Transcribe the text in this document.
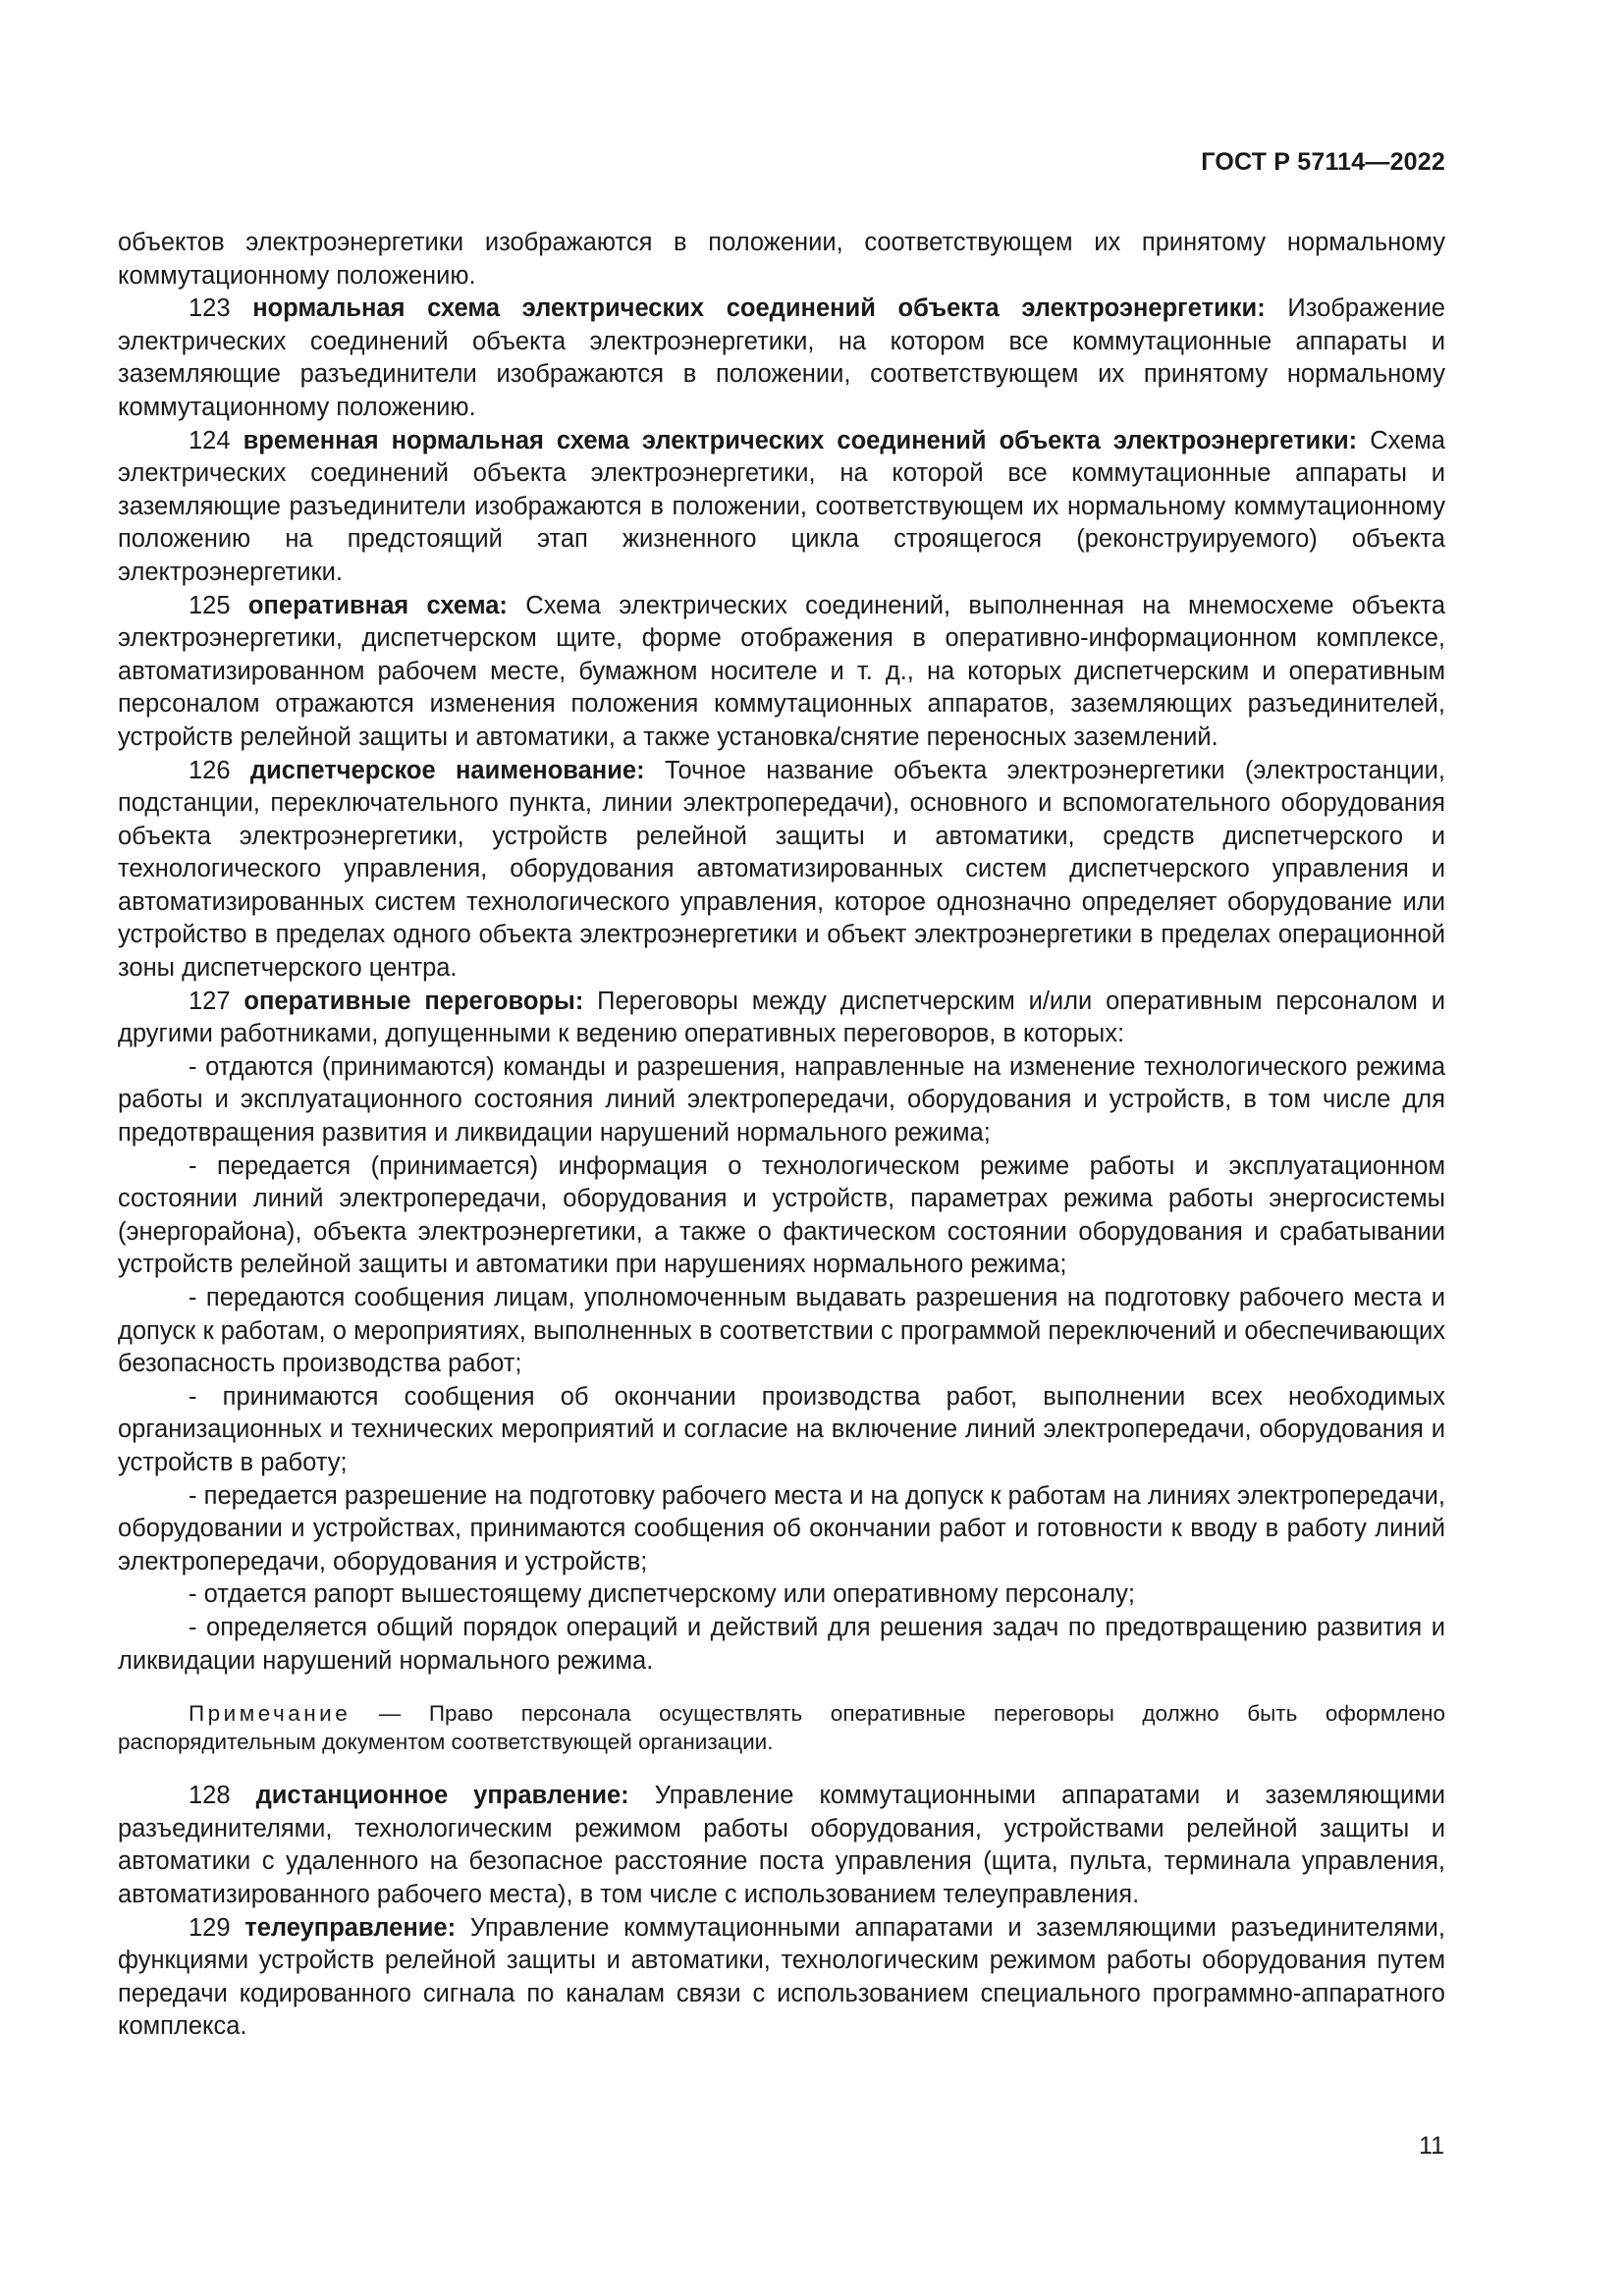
ГОСТ Р 57114—2022

объектов электроэнергетики изображаются в положении, соответствующем их принятому нормальному коммутационному положению.

123 нормальная схема электрических соединений объекта электроэнергетики: Изображение электрических соединений объекта электроэнергетики, на котором все коммутационные аппараты и заземляющие разъединители изображаются в положении, соответствующем их принятому нормальному коммутационному положению.

124 временная нормальная схема электрических соединений объекта электроэнергетики: Схема электрических соединений объекта электроэнергетики, на которой все коммутационные аппараты и заземляющие разъединители изображаются в положении, соответствующем их нормальному коммутационному положению на предстоящий этап жизненного цикла строящегося (реконструируемого) объекта электроэнергетики.

125 оперативная схема: Схема электрических соединений, выполненная на мнемосхеме объекта электроэнергетики, диспетчерском щите, форме отображения в оперативно-информационном комплексе, автоматизированном рабочем месте, бумажном носителе и т. д., на которых диспетчерским и оперативным персоналом отражаются изменения положения коммутационных аппаратов, заземляющих разъединителей, устройств релейной защиты и автоматики, а также установка/снятие переносных заземлений.

126 диспетчерское наименование: Точное название объекта электроэнергетики (электростанции, подстанции, переключательного пункта, линии электропередачи), основного и вспомогательного оборудования объекта электроэнергетики, устройств релейной защиты и автоматики, средств диспетчерского и технологического управления, оборудования автоматизированных систем диспетчерского управления и автоматизированных систем технологического управления, которое однозначно определяет оборудование или устройство в пределах одного объекта электроэнергетики и объект электроэнергетики в пределах операционной зоны диспетчерского центра.

127 оперативные переговоры: Переговоры между диспетчерским и/или оперативным персоналом и другими работниками, допущенными к ведению оперативных переговоров, в которых:

- отдаются (принимаются) команды и разрешения, направленные на изменение технологического режима работы и эксплуатационного состояния линий электропередачи, оборудования и устройств, в том числе для предотвращения развития и ликвидации нарушений нормального режима;

- передается (принимается) информация о технологическом режиме работы и эксплуатационном состоянии линий электропередачи, оборудования и устройств, параметрах режима работы энергосистемы (энергорайона), объекта электроэнергетики, а также о фактическом состоянии оборудования и срабатывании устройств релейной защиты и автоматики при нарушениях нормального режима;

- передаются сообщения лицам, уполномоченным выдавать разрешения на подготовку рабочего места и допуск к работам, о мероприятиях, выполненных в соответствии с программой переключений и обеспечивающих безопасность производства работ;

- принимаются сообщения об окончании производства работ, выполнении всех необходимых организационных и технических мероприятий и согласие на включение линий электропередачи, оборудования и устройств в работу;

- передается разрешение на подготовку рабочего места и на допуск к работам на линиях электропередачи, оборудовании и устройствах, принимаются сообщения об окончании работ и готовности к вводу в работу линий электропередачи, оборудования и устройств;

- отдается рапорт вышестоящему диспетчерскому или оперативному персоналу;

- определяется общий порядок операций и действий для решения задач по предотвращению развития и ликвидации нарушений нормального режима.

Примечание — Право персонала осуществлять оперативные переговоры должно быть оформлено распорядительным документом соответствующей организации.

128 дистанционное управление: Управление коммутационными аппаратами и заземляющими разъединителями, технологическим режимом работы оборудования, устройствами релейной защиты и автоматики с удаленного на безопасное расстояние поста управления (щита, пульта, терминала управления, автоматизированного рабочего места), в том числе с использованием телеуправления.

129 телеуправление: Управление коммутационными аппаратами и заземляющими разъединителями, функциями устройств релейной защиты и автоматики, технологическим режимом работы оборудования путем передачи кодированного сигнала по каналам связи с использованием специального программно-аппаратного комплекса.

11
